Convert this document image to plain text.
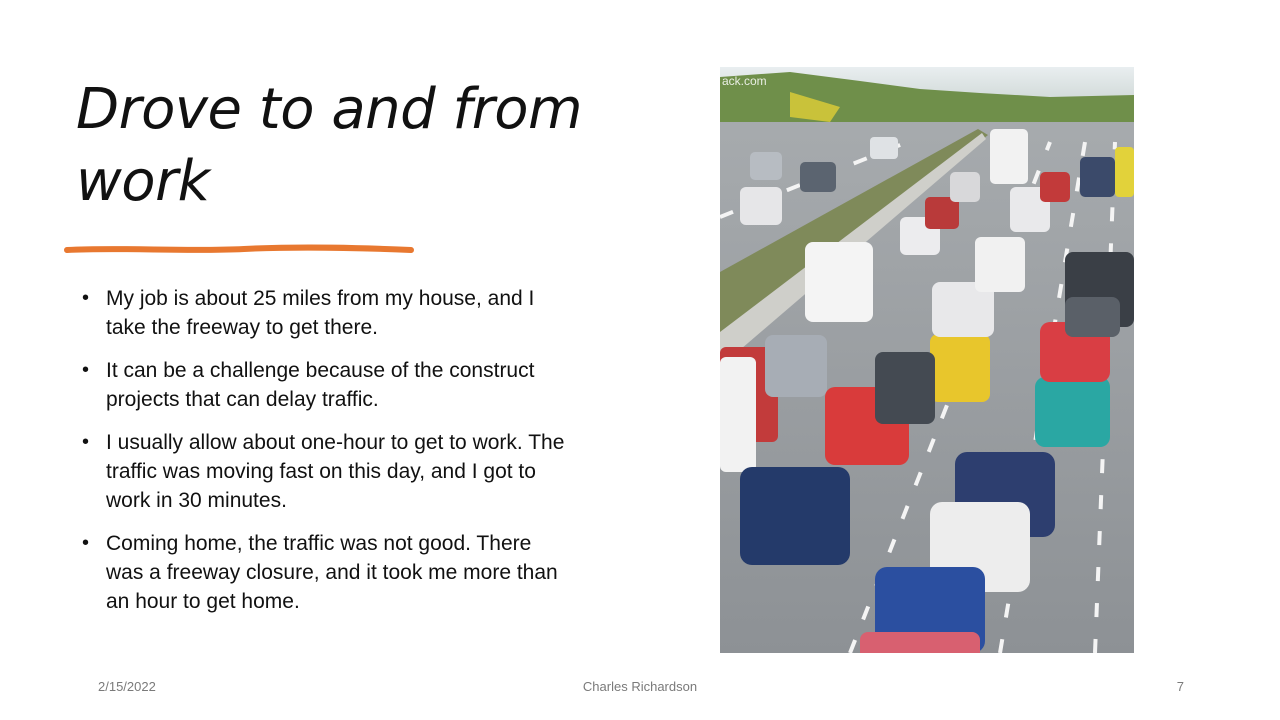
Drove to and from work
• My job is about 25 miles from my house, and I take the freeway to get there.
• It can be a challenge because of the construct projects that can delay traffic.
• I usually allow about one-hour to get to work. The traffic was moving fast on this day, and I got to work in 30 minutes.
• Coming home, the traffic was not good. There was a freeway closure, and it took me more than an hour to get home.
ack.com
2/15/2022	Charles Richardson	7
